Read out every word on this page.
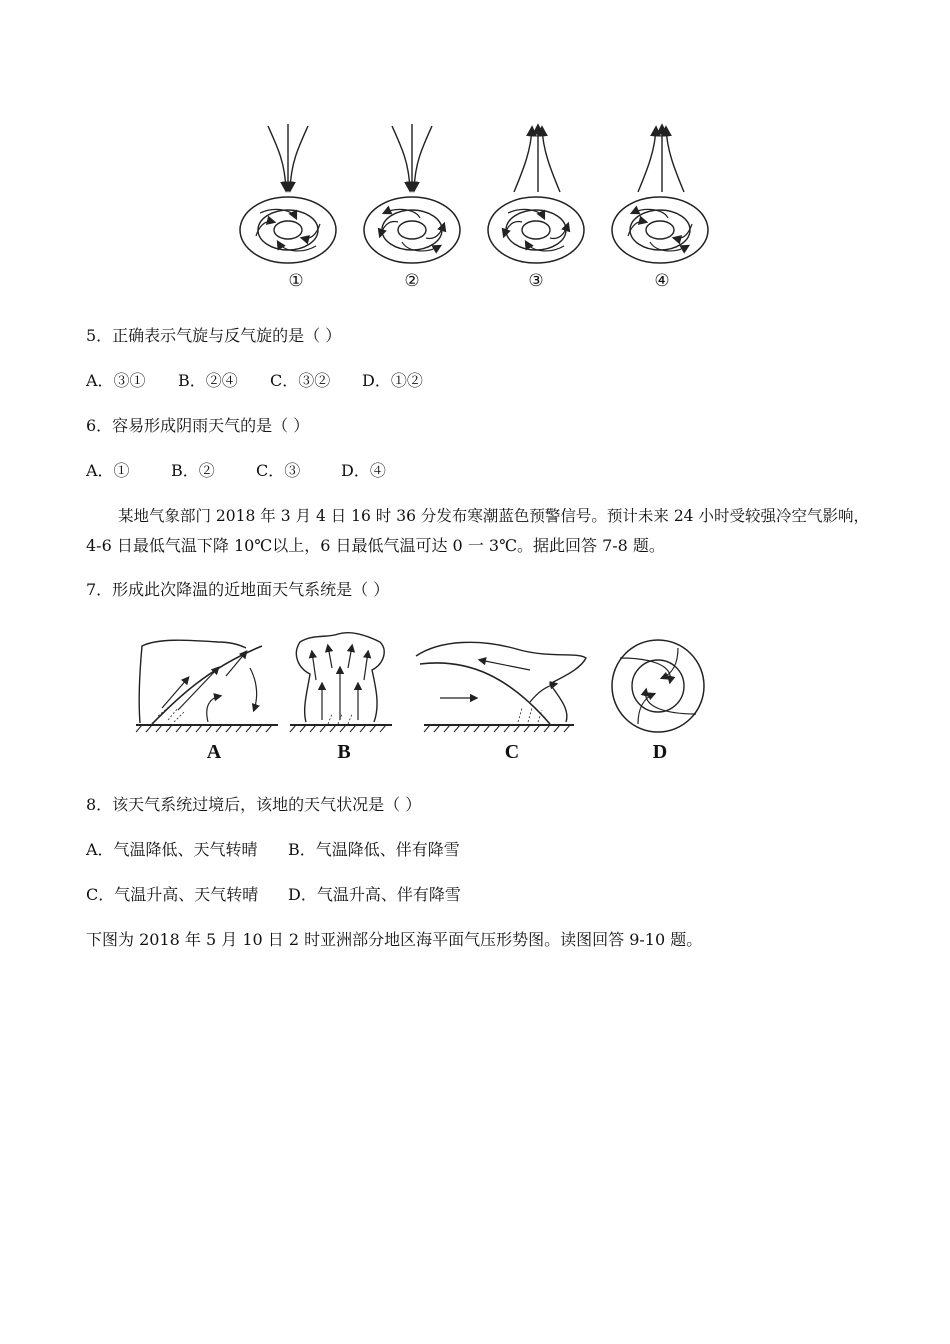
①	②	③	④
5．正确表示气旋与反气旋的是（ ）
A．③① B．②④ C．③② D．①②
6．容易形成阴雨天气的是（ ）
A．①	B．②	C．③	D．④
某地气象部门 2018 年 3 月 4 日 16 时 36 分发布寒潮蓝色预警信号。预计未来 24 小时受较强冷空气影响，
4-6 日最低气温下降 10℃以上，6 日最低气温可达 0 一 3℃。据此回答 7-8 题。
7．形成此次降温的近地面天气系统是（ ）
A	B	C	D
8．该天气系统过境后，该地的天气状况是（ ）
A．气温降低、天气转晴 B．气温降低、伴有降雪
C．气温升高、天气转晴 D．气温升高、伴有降雪
下图为 2018 年 5 月 10 日 2 时亚洲部分地区海平面气压形势图。读图回答 9-10 题。
